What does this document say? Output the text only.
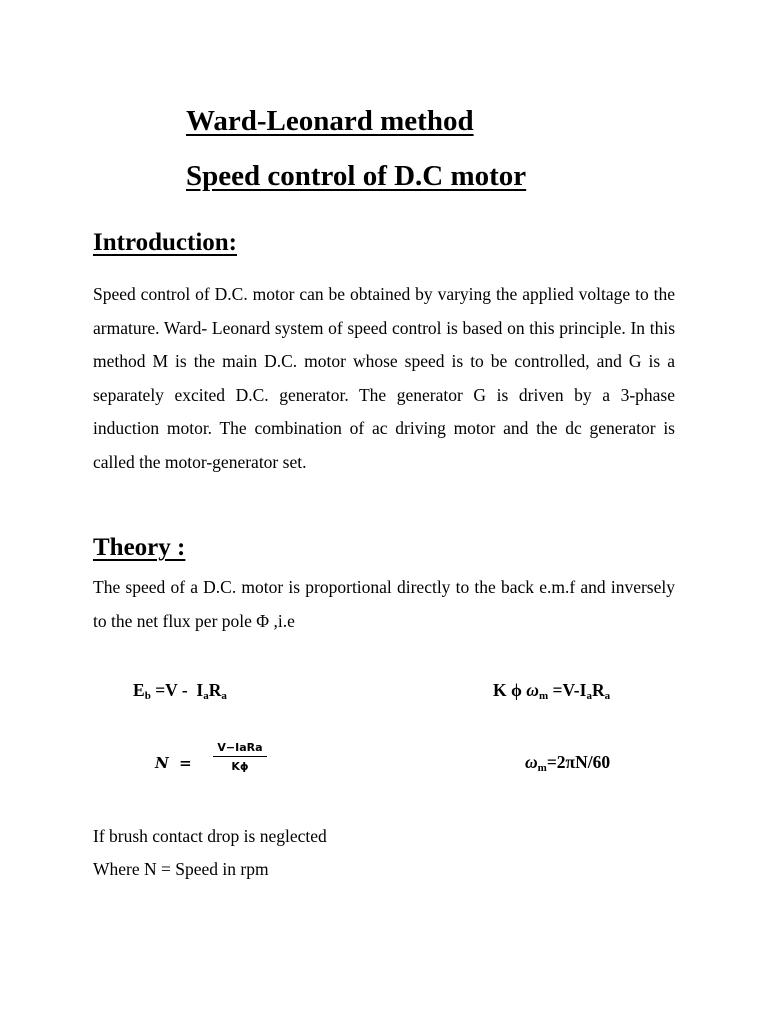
Ward-Leonard method
Speed control of D.C motor
Introduction:
Speed control of D.C. motor can be obtained by varying the applied voltage to the armature. Ward- Leonard system of speed control is based on this principle. In this method M is the main D.C. motor whose speed is to be controlled, and G is a separately excited D.C. generator. The generator G is driven by a 3-phase induction motor. The combination of ac driving motor and the dc generator is called the motor-generator set.
Theory :
The speed of a D.C. motor is proportional directly to the back e.m.f and inversely to the net flux per pole Φ ,i.e
$E_b =V - I_aR_a$	K ϕ $\omega_m =V-I_aR_a$
N  =
V−IaRa
Kϕ	$\omega_m=2\pi N/60$
If brush contact drop is neglected
Where N = Speed in rpm
